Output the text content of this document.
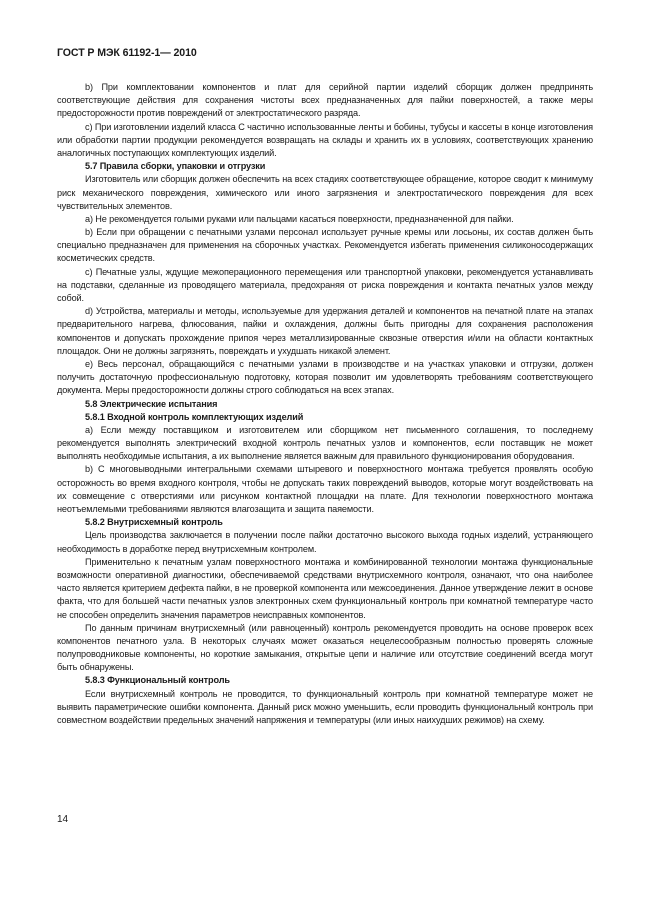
ГОСТ Р МЭК 61192-1— 2010

b) При комплектовании компонентов и плат для серийной партии изделий сборщик должен предпринять соответствующие действия для сохранения чистоты всех предназначенных для пайки поверхностей, а также меры предосторожности против повреждений от электростатического разряда.

c) При изготовлении изделий класса С частично использованные ленты и бобины, тубусы и кассеты в конце изготовления или обработки партии продукции рекомендуется возвращать на склады и хранить их в условиях, соответствующих хранению аналогичных поступающих комплектующих изделий.

5.7 Правила сборки, упаковки и отгрузки

Изготовитель или сборщик должен обеспечить на всех стадиях соответствующее обращение, которое сводит к минимуму риск механического повреждения, химического или иного загрязнения и электростатического повреждения для всех чувствительных элементов.

a) Не рекомендуется голыми руками или пальцами касаться поверхности, предназначенной для пайки.

b) Если при обращении с печатными узлами персонал использует ручные кремы или лосьоны, их состав должен быть специально предназначен для применения на сборочных участках. Рекомендуется избегать применения силиконосодержащих косметических средств.

c) Печатные узлы, ждущие межоперационного перемещения или транспортной упаковки, рекомендуется устанавливать на подставки, сделанные из проводящего материала, предохраняя от риска повреждения и контакта печатных узлов между собой.

d) Устройства, материалы и методы, используемые для удержания деталей и компонентов на печатной плате на этапах предварительного нагрева, флюсования, пайки и охлаждения, должны быть пригодны для сохранения расположения компонентов и допускать прохождение припоя через металлизированные сквозные отверстия и/или на области контактных площадок. Они не должны загрязнять, повреждать и ухудшать никакой элемент.

e) Весь персонал, обращающийся с печатными узлами в производстве и на участках упаковки и отгрузки, должен получить достаточную профессиональную подготовку, которая позволит им удовлетворять требованиям соответствующего документа. Меры предосторожности должны строго соблюдаться на всех этапах.

5.8 Электрические испытания

5.8.1 Входной контроль комплектующих изделий

a) Если между поставщиком и изготовителем или сборщиком нет письменного соглашения, то последнему рекомендуется выполнять электрический входной контроль печатных узлов и компонентов, если поставщик не может выполнять необходимые испытания, а их выполнение является важным для правильного функционирования оборудования.

b) С многовыводными интегральными схемами штыревого и поверхностного монтажа требуется проявлять особую осторожность во время входного контроля, чтобы не допускать таких повреждений выводов, которые могут воздействовать на их совмещение с отверстиями или рисунком контактной площадки на плате. Для технологии поверхностного монтажа неотъемлемыми требованиями являются влагозащита и защита паяемости.

5.8.2 Внутрисхемный контроль

Цель производства заключается в получении после пайки достаточно высокого выхода годных изделий, устраняющего необходимость в доработке перед внутрисхемным контролем.

Применительно к печатным узлам поверхностного монтажа и комбинированной технологии монтажа функциональные возможности оперативной диагностики, обеспечиваемой средствами внутрисхемного контроля, означают, что она наиболее часто является критерием дефекта пайки, в не проверкой компонента или межсоединения. Данное утверждение лежит в основе факта, что для большей части печатных узлов электронных схем функциональный контроль при комнатной температуре часто не способен определить значения параметров неисправных компонентов.

По данным причинам внутрисхемный (или равноценный) контроль рекомендуется проводить на основе проверок всех компонентов печатного узла. В некоторых случаях может оказаться нецелесообразным полностью проверять сложные полупроводниковые компоненты, но короткие замыкания, открытые цепи и наличие или отсутствие соединений всегда могут быть обнаружены.

5.8.3 Функциональный контроль

Если внутрисхемный контроль не проводится, то функциональный контроль при комнатной температуре может не выявить параметрические ошибки компонента. Данный риск можно уменьшить, если проводить функциональный контроль при совместном воздействии предельных значений напряжения и температуры (или иных наихудших режимов) на схему.

14
